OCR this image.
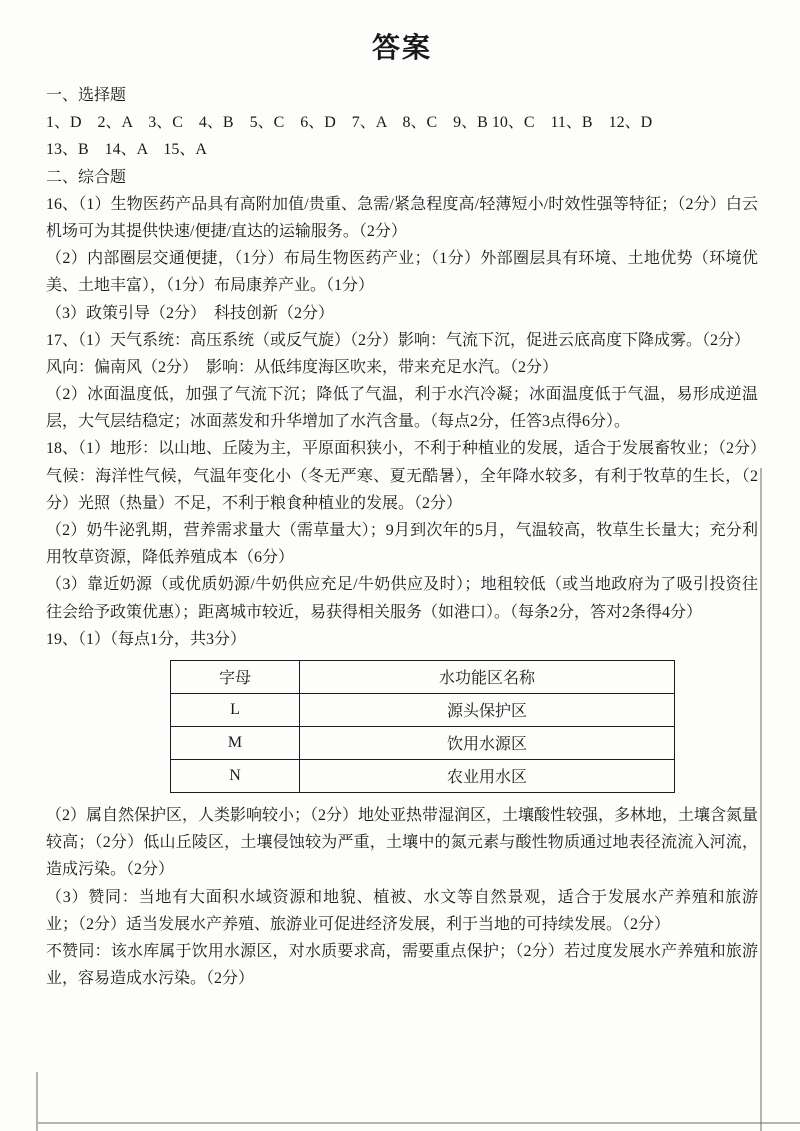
答案

一、选择题

1、D　2、A　3、C　4、B　5、C　6、D　7、A　8、C　9、B 10、C　11、B　12、D

13、B　14、A　15、A

二、综合题

16、（1）生物医药产品具有高附加值/贵重、急需/紧急程度高/轻薄短小/时效性强等特征；（2分）白云机场可为其提供快速/便捷/直达的运输服务。（2分）

（2）内部圈层交通便捷，（1分）布局生物医药产业；（1分）外部圈层具有环境、土地优势（环境优美、土地丰富），（1分）布局康养产业。（1分）

（3）政策引导（2分）　科技创新（2分）

17、（1）天气系统：高压系统（或反气旋）（2分）影响：气流下沉，促进云底高度下降成雾。（2分）

风向：偏南风（2分）　影响：从低纬度海区吹来，带来充足水汽。（2分）

（2）冰面温度低，加强了气流下沉；降低了气温，利于水汽冷凝；冰面温度低于气温，易形成逆温层，大气层结稳定；冰面蒸发和升华增加了水汽含量。（每点2分，任答3点得6分）。

18、（1）地形：以山地、丘陵为主，平原面积狭小，不利于种植业的发展，适合于发展畜牧业；（2分）

气候：海洋性气候，气温年变化小（冬无严寒、夏无酷暑），全年降水较多，有利于牧草的生长，（2分）光照（热量）不足，不利于粮食种植业的发展。（2分）

（2）奶牛泌乳期，营养需求量大（需草量大）；9月到次年的5月，气温较高，牧草生长量大；充分利用牧草资源，降低养殖成本（6分）

（3）靠近奶源（或优质奶源/牛奶供应充足/牛奶供应及时）；地租较低（或当地政府为了吸引投资往往会给予政策优惠）；距离城市较近，易获得相关服务（如港口）。（每条2分，答对2条得4分）

19、（1）（每点1分，共3分）

字母	水功能区名称
L	源头保护区
M	饮用水源区
N	农业用水区

（2）属自然保护区，人类影响较小；（2分）地处亚热带湿润区，土壤酸性较强，多林地，土壤含氮量较高；（2分）低山丘陵区，土壤侵蚀较为严重，土壤中的氮元素与酸性物质通过地表径流流入河流，造成污染。（2分）

（3）赞同：当地有大面积水域资源和地貌、植被、水文等自然景观，适合于发展水产养殖和旅游业；（2分）适当发展水产养殖、旅游业可促进经济发展，利于当地的可持续发展。（2分）

不赞同：该水库属于饮用水源区，对水质要求高，需要重点保护；（2分）若过度发展水产养殖和旅游业，容易造成水污染。（2分）
